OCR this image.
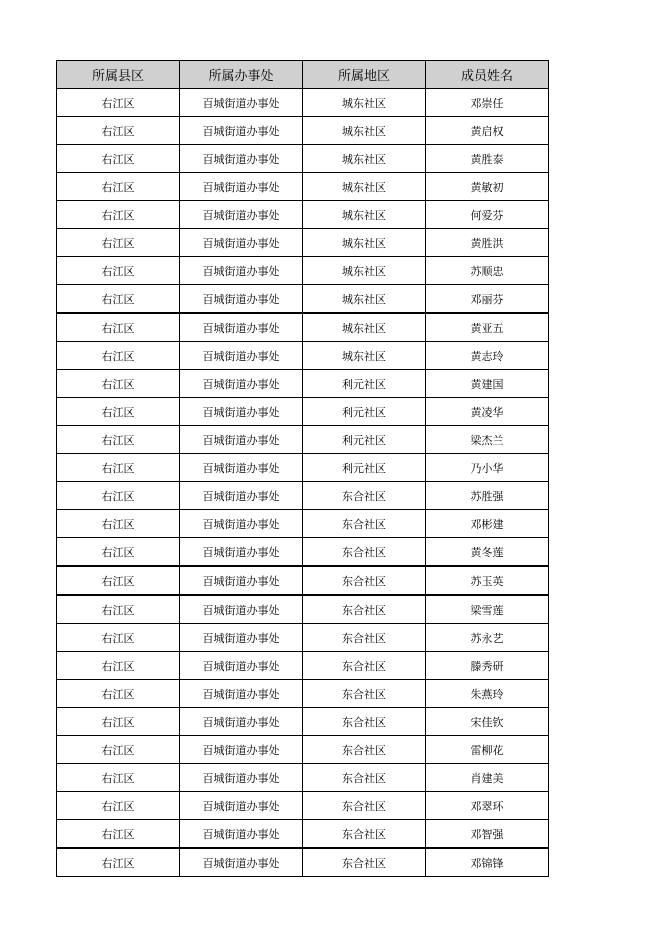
所属县区	所属办事处	所属地区	成员姓名
右江区	百城街道办事处	城东社区	邓崇任
右江区	百城街道办事处	城东社区	黄启权
右江区	百城街道办事处	城东社区	黄胜泰
右江区	百城街道办事处	城东社区	黄敏初
右江区	百城街道办事处	城东社区	何爱芬
右江区	百城街道办事处	城东社区	黄胜洪
右江区	百城街道办事处	城东社区	苏顺忠
右江区	百城街道办事处	城东社区	邓丽芬
右江区	百城街道办事处	城东社区	黄亚五
右江区	百城街道办事处	城东社区	黄志玲
右江区	百城街道办事处	利元社区	黄建国
右江区	百城街道办事处	利元社区	黄凌华
右江区	百城街道办事处	利元社区	梁杰兰
右江区	百城街道办事处	利元社区	乃小华
右江区	百城街道办事处	东合社区	苏胜强
右江区	百城街道办事处	东合社区	邓彬建
右江区	百城街道办事处	东合社区	黄冬莲
右江区	百城街道办事处	东合社区	苏玉英
右江区	百城街道办事处	东合社区	梁雪莲
右江区	百城街道办事处	东合社区	苏永艺
右江区	百城街道办事处	东合社区	滕秀研
右江区	百城街道办事处	东合社区	朱燕玲
右江区	百城街道办事处	东合社区	宋佳钦
右江区	百城街道办事处	东合社区	雷柳花
右江区	百城街道办事处	东合社区	肖建美
右江区	百城街道办事处	东合社区	邓翠环
右江区	百城街道办事处	东合社区	邓智强
右江区	百城街道办事处	东合社区	邓锦锋
